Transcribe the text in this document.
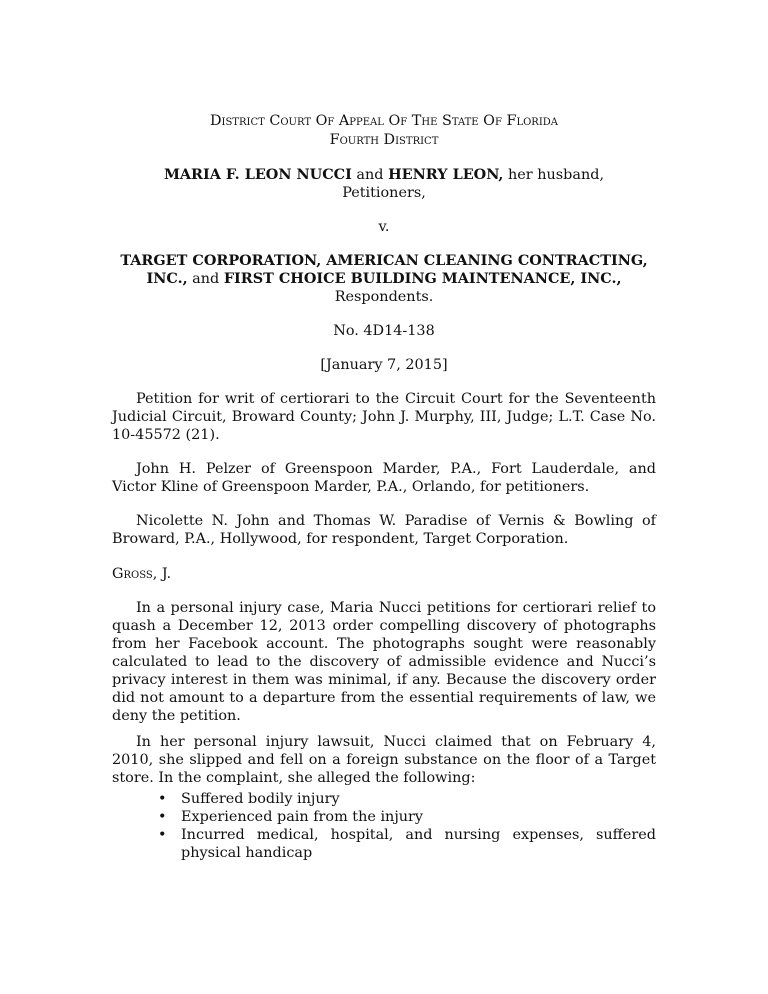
District Court Of Appeal Of The State Of Florida
Fourth District
MARIA F. LEON NUCCI and HENRY LEON, her husband,
Petitioners,
v.
TARGET CORPORATION, AMERICAN CLEANING CONTRACTING,
INC., and FIRST CHOICE BUILDING MAINTENANCE, INC.,
Respondents.
No. 4D14-138
[January 7, 2015]
Petition for writ of certiorari to the Circuit Court for the Seventeenth Judicial Circuit, Broward County; John J. Murphy, III, Judge; L.T. Case No. 10-45572 (21).
John H. Pelzer of Greenspoon Marder, P.A., Fort Lauderdale, and Victor Kline of Greenspoon Marder, P.A., Orlando, for petitioners.
Nicolette N. John and Thomas W. Paradise of Vernis & Bowling of Broward, P.A., Hollywood, for respondent, Target Corporation.
Gross, J.
In a personal injury case, Maria Nucci petitions for certiorari relief to quash a December 12, 2013 order compelling discovery of photographs from her Facebook account. The photographs sought were reasonably calculated to lead to the discovery of admissible evidence and Nucci’s privacy interest in them was minimal, if any. Because the discovery order did not amount to a departure from the essential requirements of law, we deny the petition.
In her personal injury lawsuit, Nucci claimed that on February 4, 2010, she slipped and fell on a foreign substance on the floor of a Target store. In the complaint, she alleged the following:
• Suffered bodily injury
• Experienced pain from the injury
• Incurred medical, hospital, and nursing expenses, suffered physical handicap
